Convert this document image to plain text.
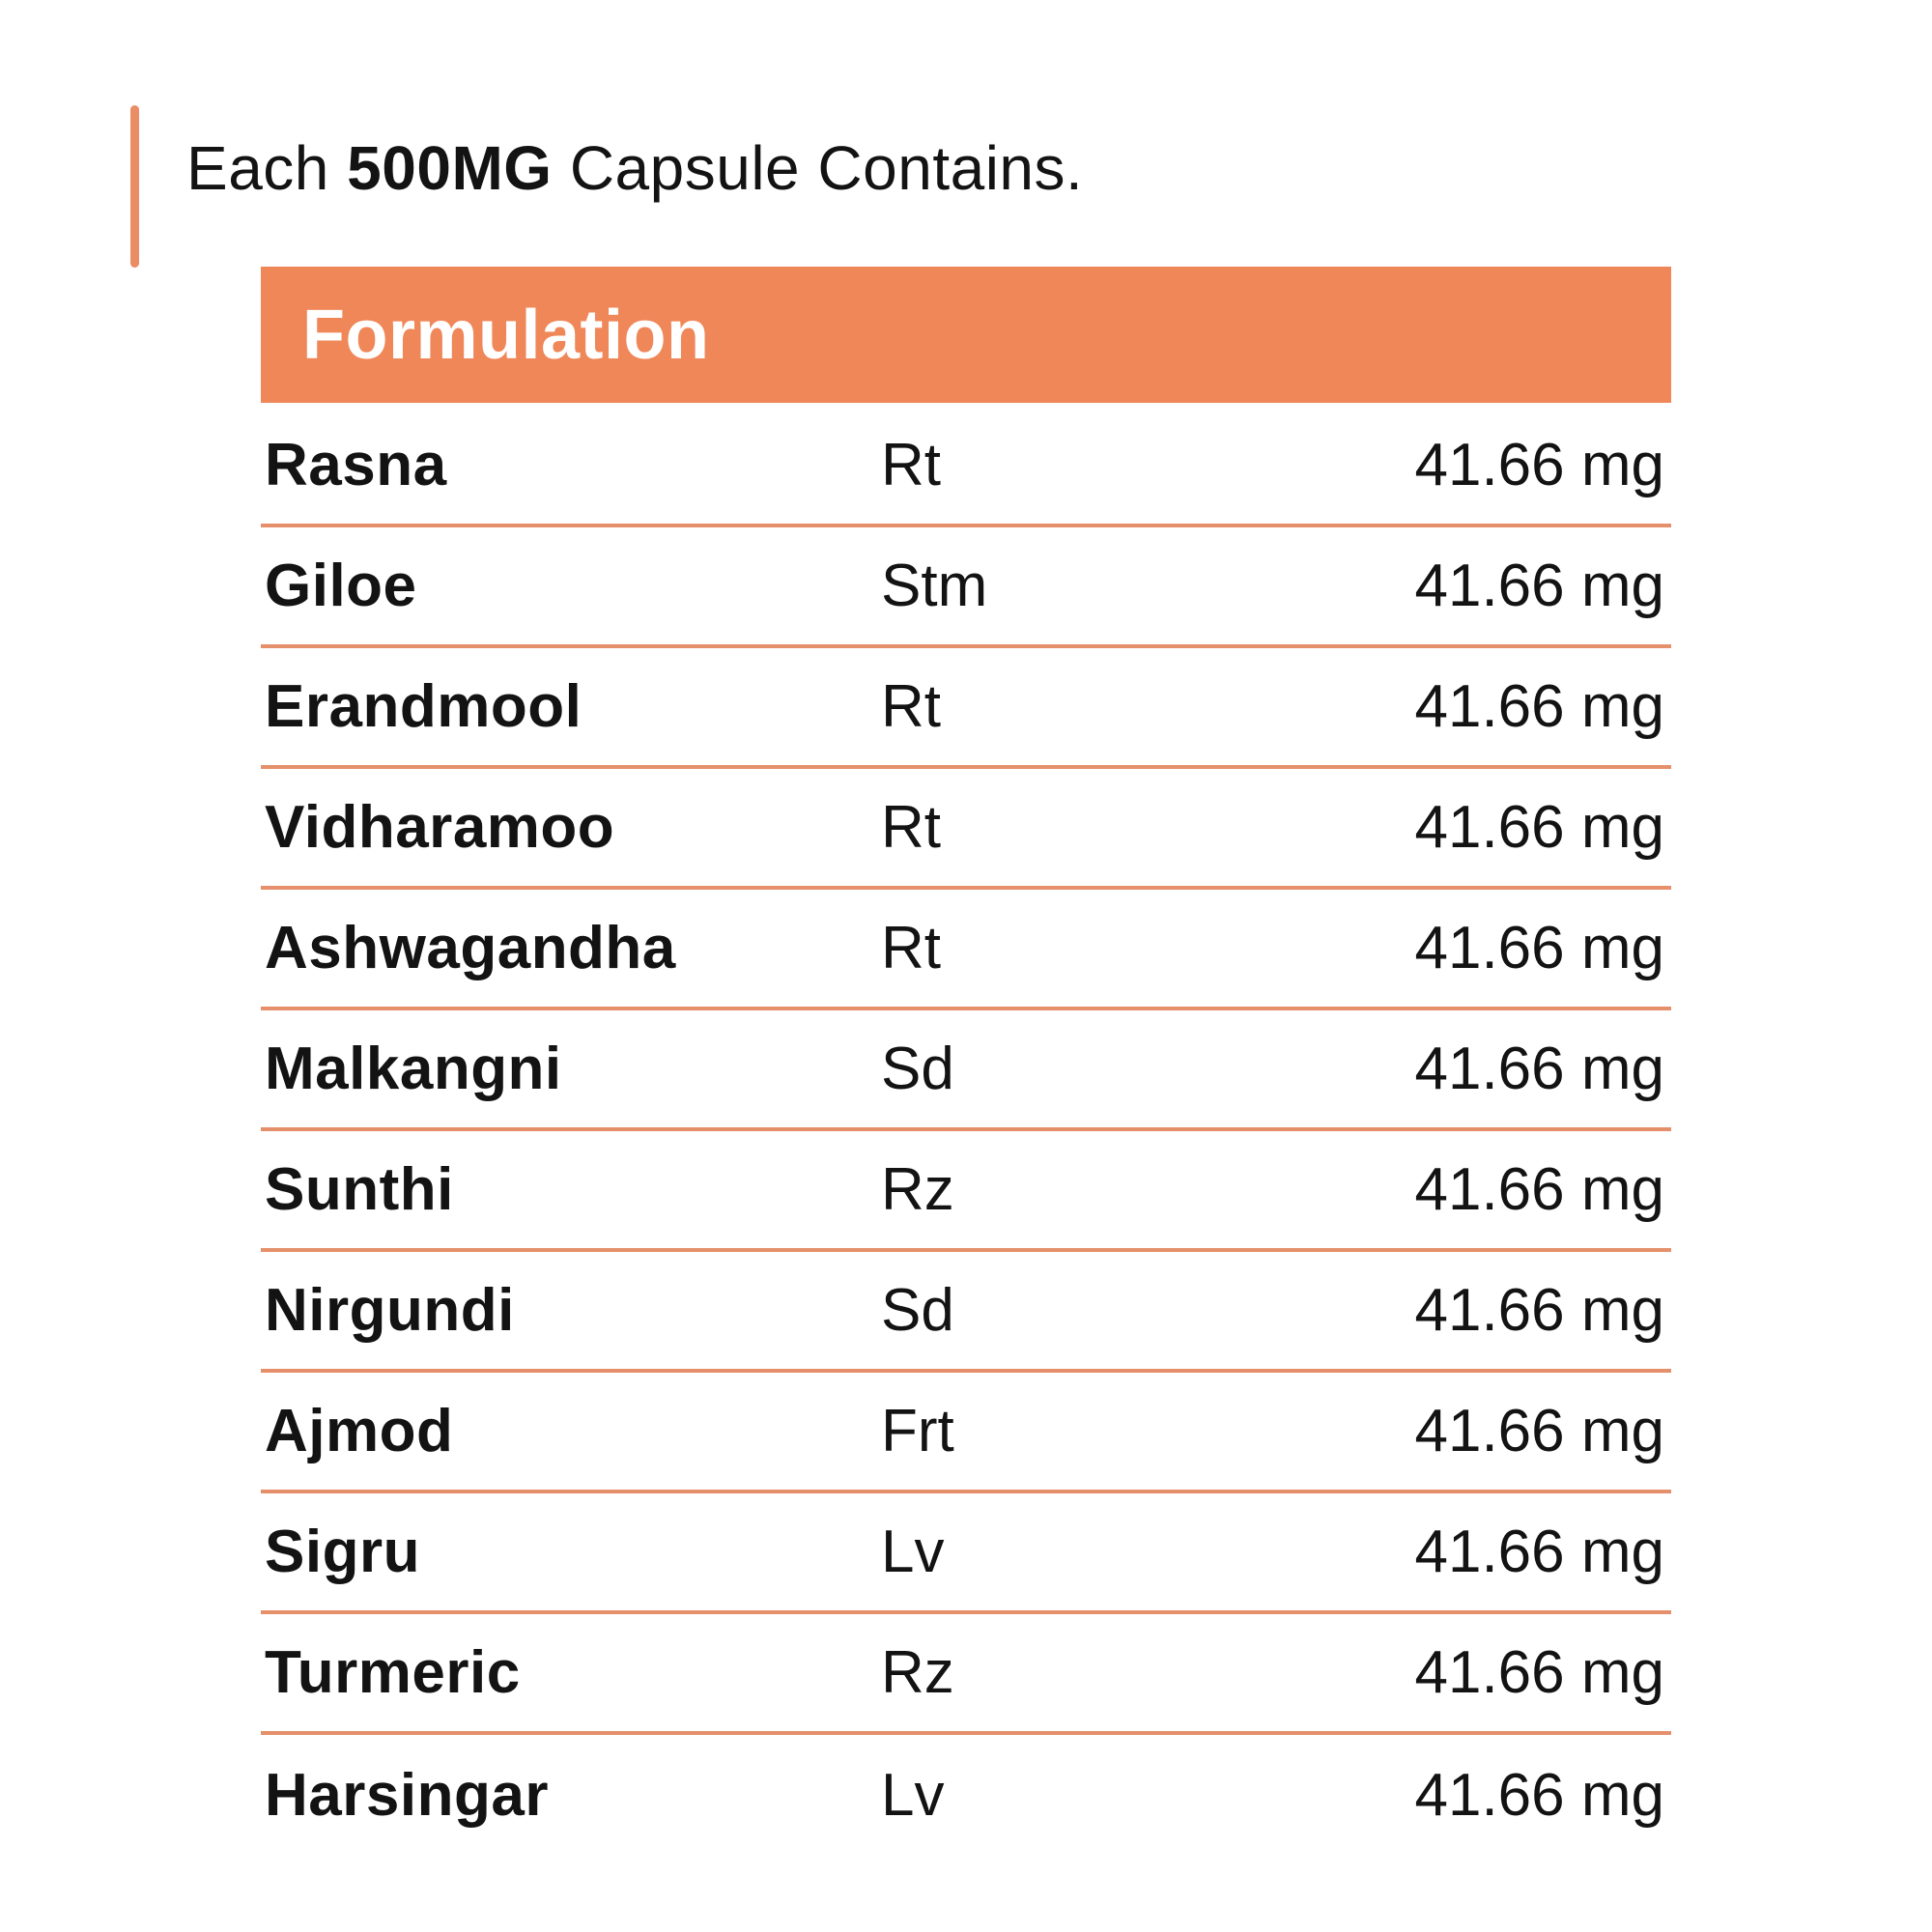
Each 500MG Capsule Contains.
Formulation
Rasna	Rt	41.66 mg
Giloe	Stm	41.66 mg
Erandmool	Rt	41.66 mg
Vidharamoo	Rt	41.66 mg
Ashwagandha	Rt	41.66 mg
Malkangni	Sd	41.66 mg
Sunthi	Rz	41.66 mg
Nirgundi	Sd	41.66 mg
Ajmod	Frt	41.66 mg
Sigru	Lv	41.66 mg
Turmeric	Rz	41.66 mg
Harsingar	Lv	41.66 mg
